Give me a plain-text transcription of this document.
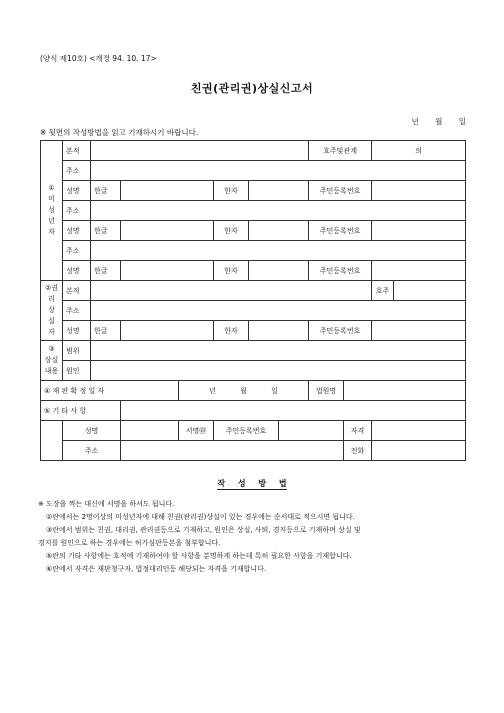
(양식 제10호) <개정 94. 10. 17>
친권(관리권)상실신고서
년 월 일
※ 뒷면의 작성방법을 읽고 기재하시기 바랍니다.
①
미
성
년
자	본적							호주및관계		의	
	주소										
	성명	한글			한자			주민등록번호			
	주소										
	성명	한글			한자			주민등록번호			
	주소										
	성명	한글			한자			주민등록번호			
②권
리
상
실
자	본적									호주	
	주소										
	성명	한글			한자			주민등록번호			
③
상실
내용	범위										
	원인										
④ 재 판 확 정 일 자				년 월 일				법원명			
⑤ 기 타 사 항											
	성명			서명㊞	주민등록번호				자격		
	주소								전화		
작 성 방 법

※ 도장을 찍는 대신에 서명을 하셔도 됩니다.

①란에서는 2명이상의 미성년자에 대해 친권(관리권)상실이 있는 경우에는 순서대로 적으시면 됩니다.

③란에서 범위는 친권, 대리권, 관리권등으로 기재하고, 원인은 상실, 사퇴, 경지등으로 기재하며 상실 및

경지를 원인으로 하는 경우에는 허가심판등본을 첨부합니다.

⑤란의 기타 사항에는 호적에 기재하여야 할 사항을 분명하게 하는데 특히 필요한 사항을 기재합니다.

⑥란에서 자격은 재판청구자, 법정대리인등 해당되는 자격을 기재합니다.
